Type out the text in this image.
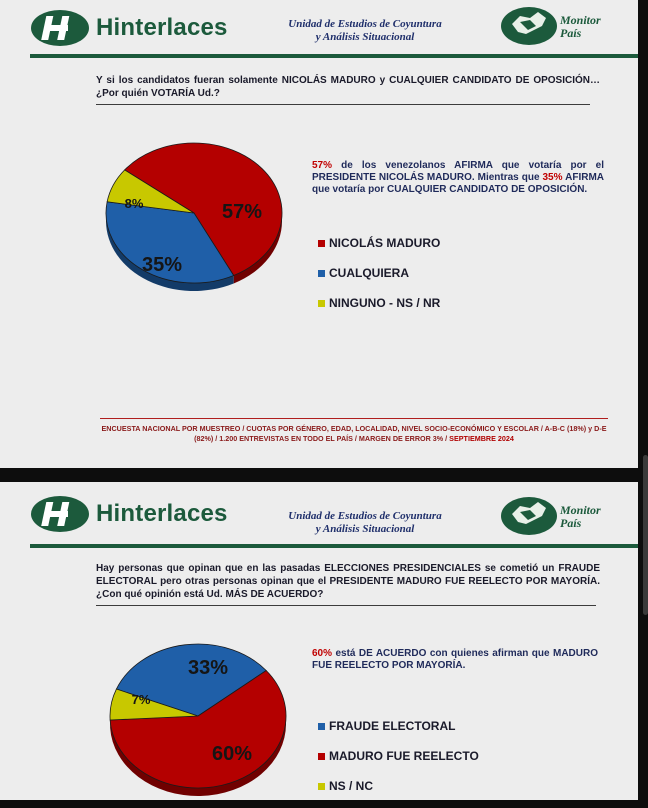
Hinterlaces	Unidad de Estudios de Coyuntura
y Análisis Situacional
Monitor
País
Y si los candidatos fueran solamente NICOLÁS MADURO y CUALQUIER CANDIDATO DE OPOSICIÓN… ¿Por quién VOTARÍA Ud.?
57%
35%
8%
57% de los venezolanos AFIRMA que votaría por el PRESIDENTE NICOLÁS MADURO. Mientras que 35% AFIRMA que votaría por CUALQUIER CANDIDATO DE OPOSICIÓN.
NICOLÁS MADURO
CUALQUIERA
NINGUNO - NS / NR
ENCUESTA NACIONAL POR MUESTREO / CUOTAS POR GÉNERO, EDAD, LOCALIDAD, NIVEL SOCIO-ECONÓMICO Y ESCOLAR / A-B-C (18%) y D-E (82%) / 1.200 ENTREVISTAS EN TODO EL PAÍS / MARGEN DE ERROR 3% / SEPTIEMBRE 2024
Hinterlaces	Unidad de Estudios de Coyuntura
y Análisis Situacional
Monitor
País
Hay personas que opinan que en las pasadas ELECCIONES PRESIDENCIALES se cometió un FRAUDE ELECTORAL pero otras personas opinan que el PRESIDENTE MADURO FUE REELECTO POR MAYORÍA. ¿Con qué opinión está Ud. MÁS DE ACUERDO?
33%
60%
7%
60% está DE ACUERDO con quienes afirman que MADURO FUE REELECTO POR MAYORÍA.
FRAUDE ELECTORAL
MADURO FUE REELECTO
NS / NC
